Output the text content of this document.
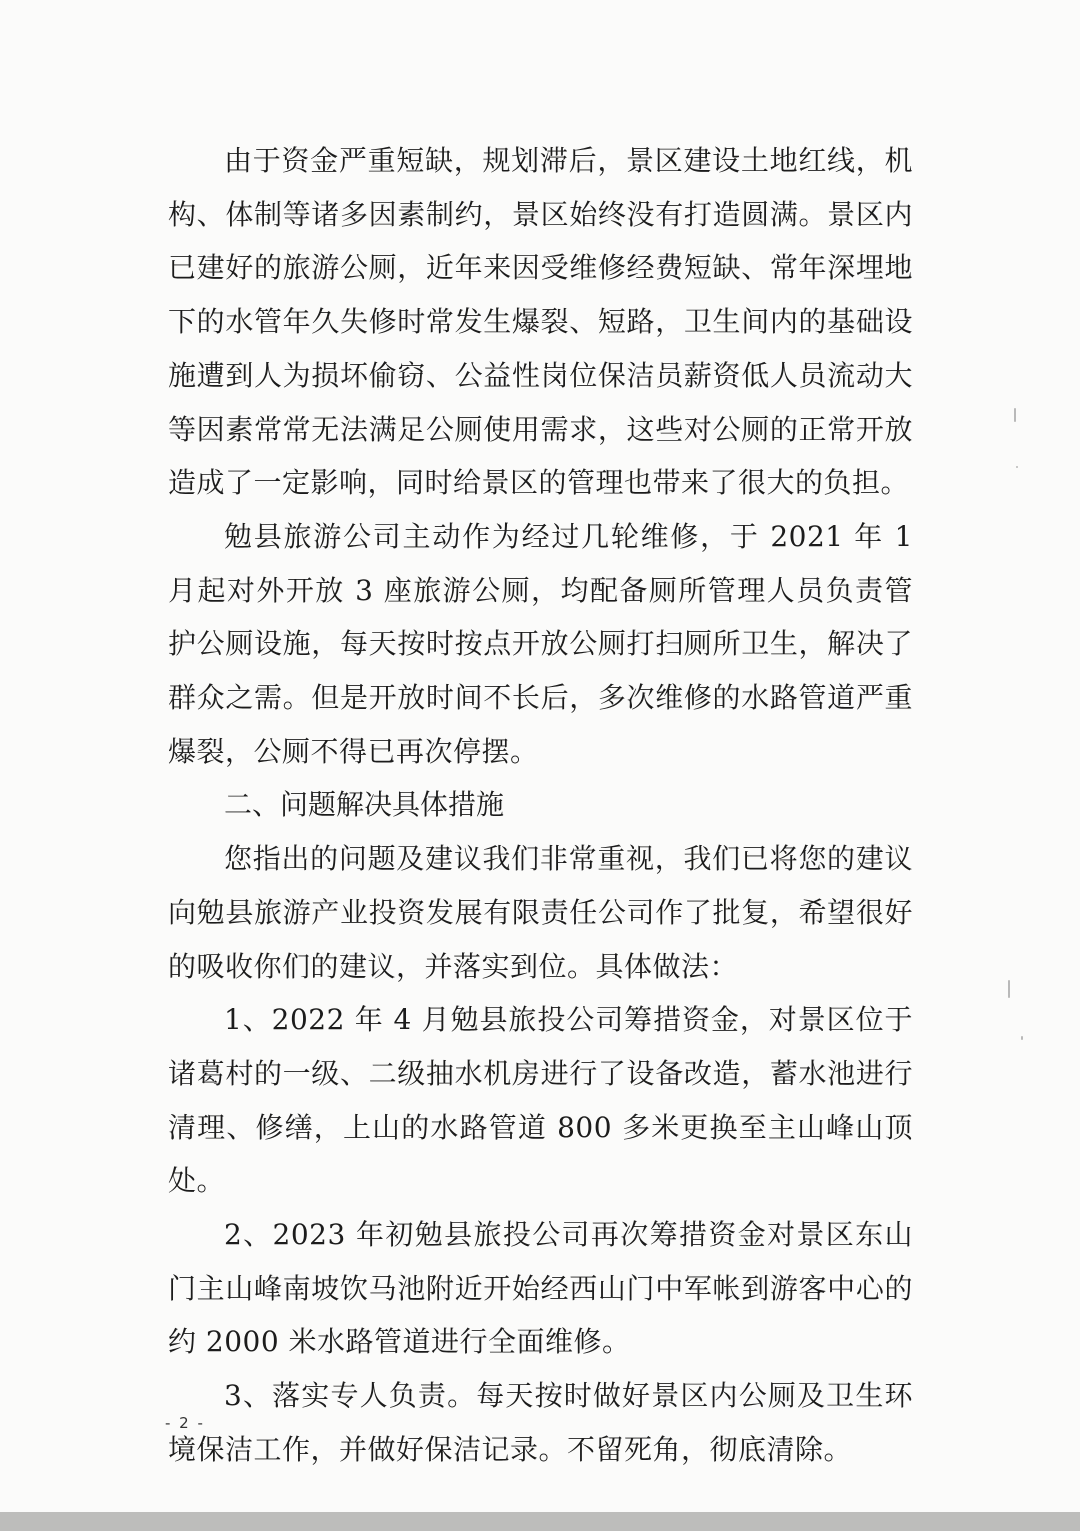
由于资金严重短缺，规划滞后，景区建设土地红线，机构、体制等诸多因素制约，景区始终没有打造圆满。景区内已建好的旅游公厕，近年来因受维修经费短缺、常年深埋地下的水管年久失修时常发生爆裂、短路，卫生间内的基础设施遭到人为损坏偷窃、公益性岗位保洁员薪资低人员流动大等因素常常无法满足公厕使用需求，这些对公厕的正常开放造成了一定影响，同时给景区的管理也带来了很大的负担。

勉县旅游公司主动作为经过几轮维修，于 2021 年 1 月起对外开放 3 座旅游公厕，均配备厕所管理人员负责管护公厕设施，每天按时按点开放公厕打扫厕所卫生，解决了群众之需。但是开放时间不长后，多次维修的水路管道严重爆裂，公厕不得已再次停摆。

二、问题解决具体措施

您指出的问题及建议我们非常重视，我们已将您的建议向勉县旅游产业投资发展有限责任公司作了批复，希望很好的吸收你们的建议，并落实到位。具体做法：

1、2022 年 4 月勉县旅投公司筹措资金，对景区位于诸葛村的一级、二级抽水机房进行了设备改造，蓄水池进行清理、修缮，上山的水路管道 800 多米更换至主山峰山顶处。

2、2023 年初勉县旅投公司再次筹措资金对景区东山门主山峰南坡饮马池附近开始经西山门中军帐到游客中心的约 2000 米水路管道进行全面维修。

3、落实专人负责。每天按时做好景区内公厕及卫生环境保洁工作，并做好保洁记录。不留死角，彻底清除。

- 2 -
